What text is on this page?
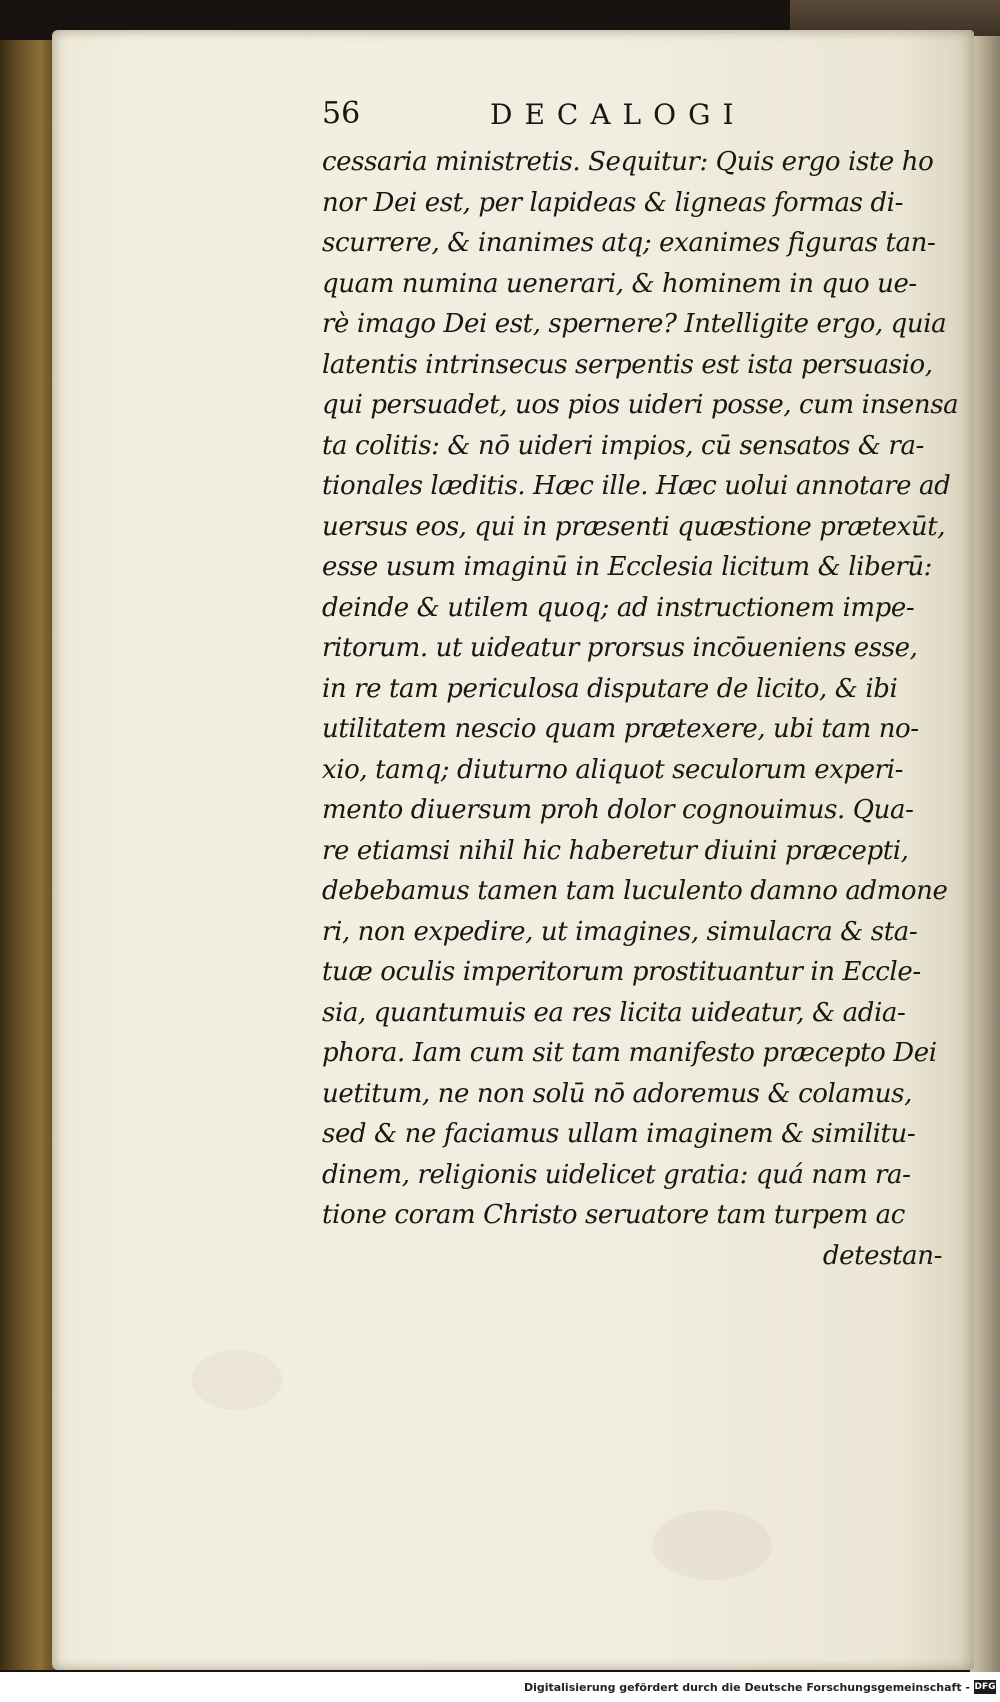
56	DECALOGI
cessaria ministretis. Sequitur: Quis ergo iste ho
nor Dei est, per lapideas & ligneas formas di-
scurrere, & inanimes atq; exanimes figuras tan-
quam numina uenerari, & hominem in quo ue-
rè imago Dei est, spernere? Intelligite ergo, quia
latentis intrinsecus serpentis est ista persuasio,
qui persuadet, uos pios uideri posse, cum insensa
ta colitis: & nō uideri impios, cū sensatos & ra-
tionales læditis. Hæc ille. Hæc uolui annotare ad
uersus eos, qui in præsenti quæstione prætexūt,
esse usum imaginū in Ecclesia licitum & liberū:
deinde & utilem quoq; ad instructionem impe-
ritorum. ut uideatur prorsus incōueniens esse,
in re tam periculosa disputare de licito, & ibi
utilitatem nescio quam prætexere, ubi tam no-
xio, tamq; diuturno aliquot seculorum experi-
mento diuersum proh dolor cognouimus. Qua-
re etiamsi nihil hic haberetur diuini præcepti,
debebamus tamen tam luculento damno admone
ri, non expedire, ut imagines, simulacra & sta-
tuæ oculis imperitorum prostituantur in Eccle-
sia, quantumuis ea res licita uideatur, & adia-
phora. Iam cum sit tam manifesto præcepto Dei
uetitum, ne non solū nō adoremus & colamus,
sed & ne faciamus ullam imaginem & similitu-
dinem, religionis uidelicet gratia: quá nam ra-
tione coram Christo seruatore tam turpem ac
detestan-
Digitalisierung gefördert durch die Deutsche Forschungsgemeinschaft - DFG
